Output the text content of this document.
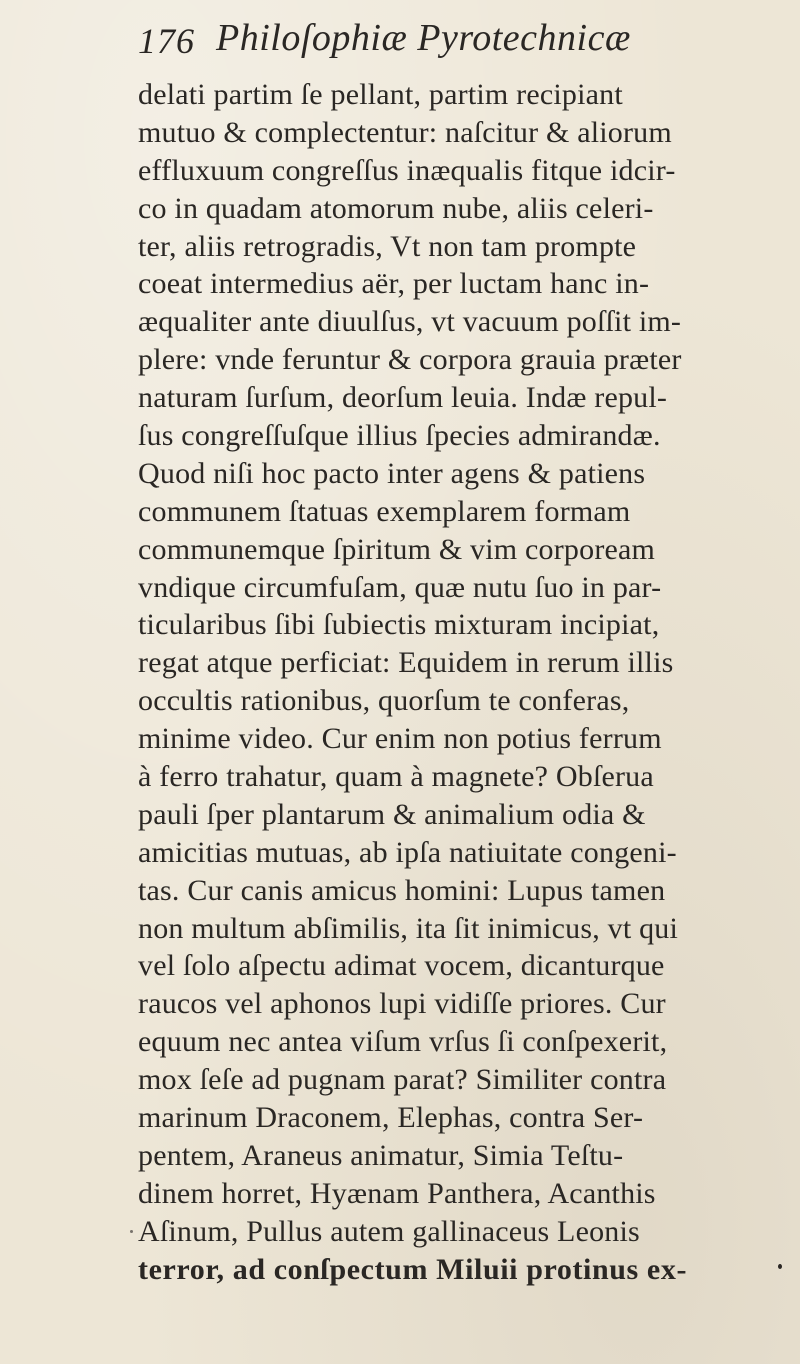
176 Philoſophiæ Pyrotechnicæ
delati partim ſe pellant, partim recipiant
mutuo & complectentur: naſcitur & aliorum
effluxuum congreſſus inæqualis fitque idcir-
co in quadam atomorum nube, aliis celeri-
ter, aliis retrogradis, Vt non tam prompte
coeat intermedius aër, per luctam hanc in-
æqualiter ante diuulſus, vt vacuum poſſit im-
plere: vnde feruntur & corpora grauia præter
naturam ſurſum, deorſum leuia. Indæ repul-
ſus congreſſuſque illius ſpecies admirandæ.
Quod niſi hoc pacto inter agens & patiens
communem ſtatuas exemplarem formam
communemque ſpiritum & vim corpoream
vndique circumfuſam, quæ nutu ſuo in par-
ticularibus ſibi ſubiectis mixturam incipiat,
regat atque perficiat: Equidem in rerum illis
occultis rationibus, quorſum te conferas,
minime video. Cur enim non potius ferrum
à ferro trahatur, quam à magnete? Obſerua
pauli ſper plantarum & animalium odia &
amicitias mutuas, ab ipſa natiuitate congeni-
tas. Cur canis amicus homini: Lupus tamen
non multum abſimilis, ita ſit inimicus, vt qui
vel ſolo aſpectu adimat vocem, dicanturque
raucos vel aphonos lupi vidiſſe priores. Cur
equum nec antea viſum vrſus ſi conſpexerit,
mox ſeſe ad pugnam parat? Similiter contra
marinum Draconem, Elephas, contra Ser-
pentem, Araneus animatur, Simia Teſtu-
dinem horret, Hyænam Panthera, Acanthis
Aſinum, Pullus autem gallinaceus Leonis
terror, ad conſpectum Miluii protinus ex-
